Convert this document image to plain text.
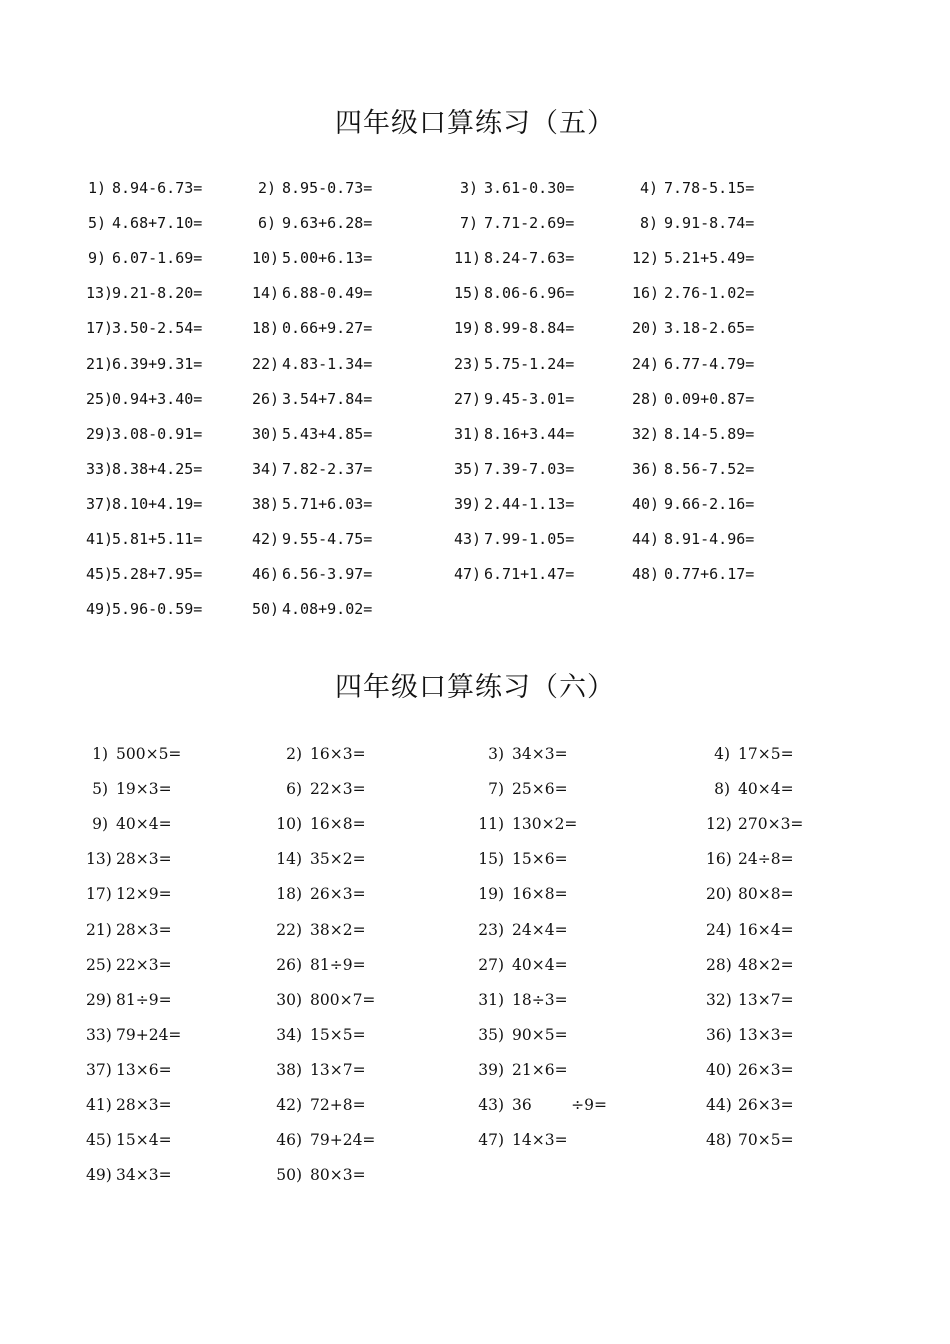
四年级口算练习（五）
1) 8.94-6.73=	2) 8.95-0.73=	3) 3.61-0.30=	4) 7.78-5.15=
5) 4.68+7.10=	6) 9.63+6.28=	7) 7.71-2.69=	8) 9.91-8.74=
9) 6.07-1.69=	10) 5.00+6.13=	11) 8.24-7.63=	12) 5.21+5.49=
13)9.21-8.20=	14) 6.88-0.49=	15) 8.06-6.96=	16) 2.76-1.02=
17)3.50-2.54=	18) 0.66+9.27=	19) 8.99-8.84=	20) 3.18-2.65=
21)6.39+9.31=	22) 4.83-1.34=	23) 5.75-1.24=	24) 6.77-4.79=
25)0.94+3.40=	26) 3.54+7.84=	27) 9.45-3.01=	28) 0.09+0.87=
29)3.08-0.91=	30) 5.43+4.85=	31) 8.16+3.44=	32) 8.14-5.89=
33)8.38+4.25=	34) 7.82-2.37=	35) 7.39-7.03=	36) 8.56-7.52=
37)8.10+4.19=	38) 5.71+6.03=	39) 2.44-1.13=	40) 9.66-2.16=
41)5.81+5.11=	42) 9.55-4.75=	43) 7.99-1.05=	44) 8.91-4.96=
45)5.28+7.95=	46) 6.56-3.97=	47) 6.71+1.47=	48) 0.77+6.17=
49)5.96-0.59=	50) 4.08+9.02=
四年级口算练习（六）
1) 500×5=	2) 16×3=	3) 34×3=	4) 17×5=
5) 19×3=	6) 22×3=	7) 25×6=	8) 40×4=
9) 40×4=	10) 16×8=	11) 130×2=	12) 270×3=
13) 28×3=	14) 35×2=	15) 15×6=	16) 24÷8=
17) 12×9=	18) 26×3=	19) 16×8=	20) 80×8=
21) 28×3=	22) 38×2=	23) 24×4=	24) 16×4=
25) 22×3=	26) 81÷9=	27) 40×4=	28) 48×2=
29) 81÷9=	30) 800×7=	31) 18÷3=	32) 13×7=
33) 79+24=	34) 15×5=	35) 90×5=	36) 13×3=
37) 13×6=	38) 13×7=	39) 21×6=	40) 26×3=
41) 28×3=	42) 72+8=	43) 36        ÷9=	44) 26×3=
45) 15×4=	46) 79+24=	47) 14×3=	48) 70×5=
49) 34×3=	50) 80×3=
